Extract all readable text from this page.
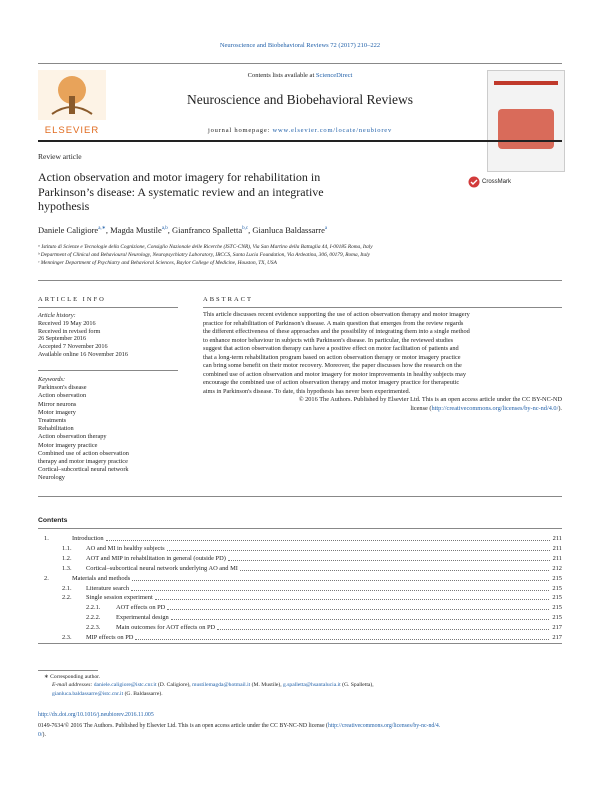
Neuroscience and Biobehavioral Reviews 72 (2017) 210–222
ELSEVIER
Contents lists available at ScienceDirect
Neuroscience and Biobehavioral Reviews
journal homepage: www.elsevier.com/locate/neubiorev
Review article
Action observation and motor imagery for rehabilitation in
Parkinson’s disease: A systematic review and an integrative
hypothesis
CrossMark
Daniele Caligiore$^{a,∗}$, Magda Mustile$^{a,b}$, Gianfranco Spalletta$^{b,c}$, Gianluca Baldassarre$^a$
ᵃ Istituto di Scienze e Tecnologie della Cognizione, Consiglio Nazionale delle Ricerche (ISTC-CNR), Via San Martino della Battaglia 44, I-00185 Roma, Italy
ᵇ Department of Clinical and Behavioural Neurology, Neuropsychiatry Laboratory, IRCCS, Santa Lucia Foundation, Via Ardeatina, 306, 00179, Roma, Italy
ᶜ Menninger Department of Psychiatry and Behavioral Sciences, Baylor College of Medicine, Houston, TX, USA
ARTICLE INFO
Article history:
Received 19 May 2016
Received in revised form
26 September 2016
Accepted 7 November 2016
Available online 16 November 2016
Keywords:
Parkinson's disease
Action observation
Mirror neurons
Motor imagery
Treatments
Rehabilitation
Action observation therapy
Motor imagery practice
Combined use of action observation
therapy and motor imagery practice
Cortical–subcortical neural network
Neurology
ABSTRACT
This article discusses recent evidence supporting the use of action observation therapy and motor imagery
practice for rehabilitation of Parkinson's disease. A main question that emerges from the review regards
the different effectiveness of these approaches and the possibility of integrating them into a single method
to enhance motor behaviour in subjects with Parkinson's disease. In particular, the reviewed studies
suggest that action observation therapy can have a positive effect on motor facilitation of patients and
that a long-term rehabilitation program based on action observation therapy or motor imagery practice
can bring some benefit on their motor recovery. Moreover, the paper discusses how the research on the
combined use of action observation and motor imagery for motor improvements in healthy subjects may
encourage the combined use of action observation therapy and motor imagery practice for therapeutic
aims in Parkinson's disease. To date, this hypothesis has never been experimented.
© 2016 The Authors. Published by Elsevier Ltd. This is an open access article under the CC BY-NC-ND
license (http://creativecommons.org/licenses/by-nc-nd/4.0/).
Contents
1.	Introduction	211
1.1. AO and MI in healthy subjects	211
1.2. AOT and MIP in rehabilitation in general (outside PD)	211
1.3. Cortical–subcortical neural network underlying AO and MI	212
2.	Materials and methods	215
2.1. Literature search	215
2.2. Single session experiment	215
2.2.1. AOT effects on PD	215
2.2.2. Experimental design	215
2.2.3. Main outcomes for AOT effects on PD	217
2.3. MIP effects on PD	217
∗ Corresponding author.
E-mail addresses: daniele.caligiore@istc.cnr.it (D. Caligiore), mustilemagda@hotmail.it (M. Mustile), g.spalletta@hsantalucia.it (G. Spalletta),
gianluca.baldassarre@istc.cnr.it (G. Baldassarre).
http://dx.doi.org/10.1016/j.neubiorev.2016.11.005
0149-7634/© 2016 The Authors. Published by Elsevier Ltd. This is an open access article under the CC BY-NC-ND license (http://creativecommons.org/licenses/by-nc-nd/4.
0/).
